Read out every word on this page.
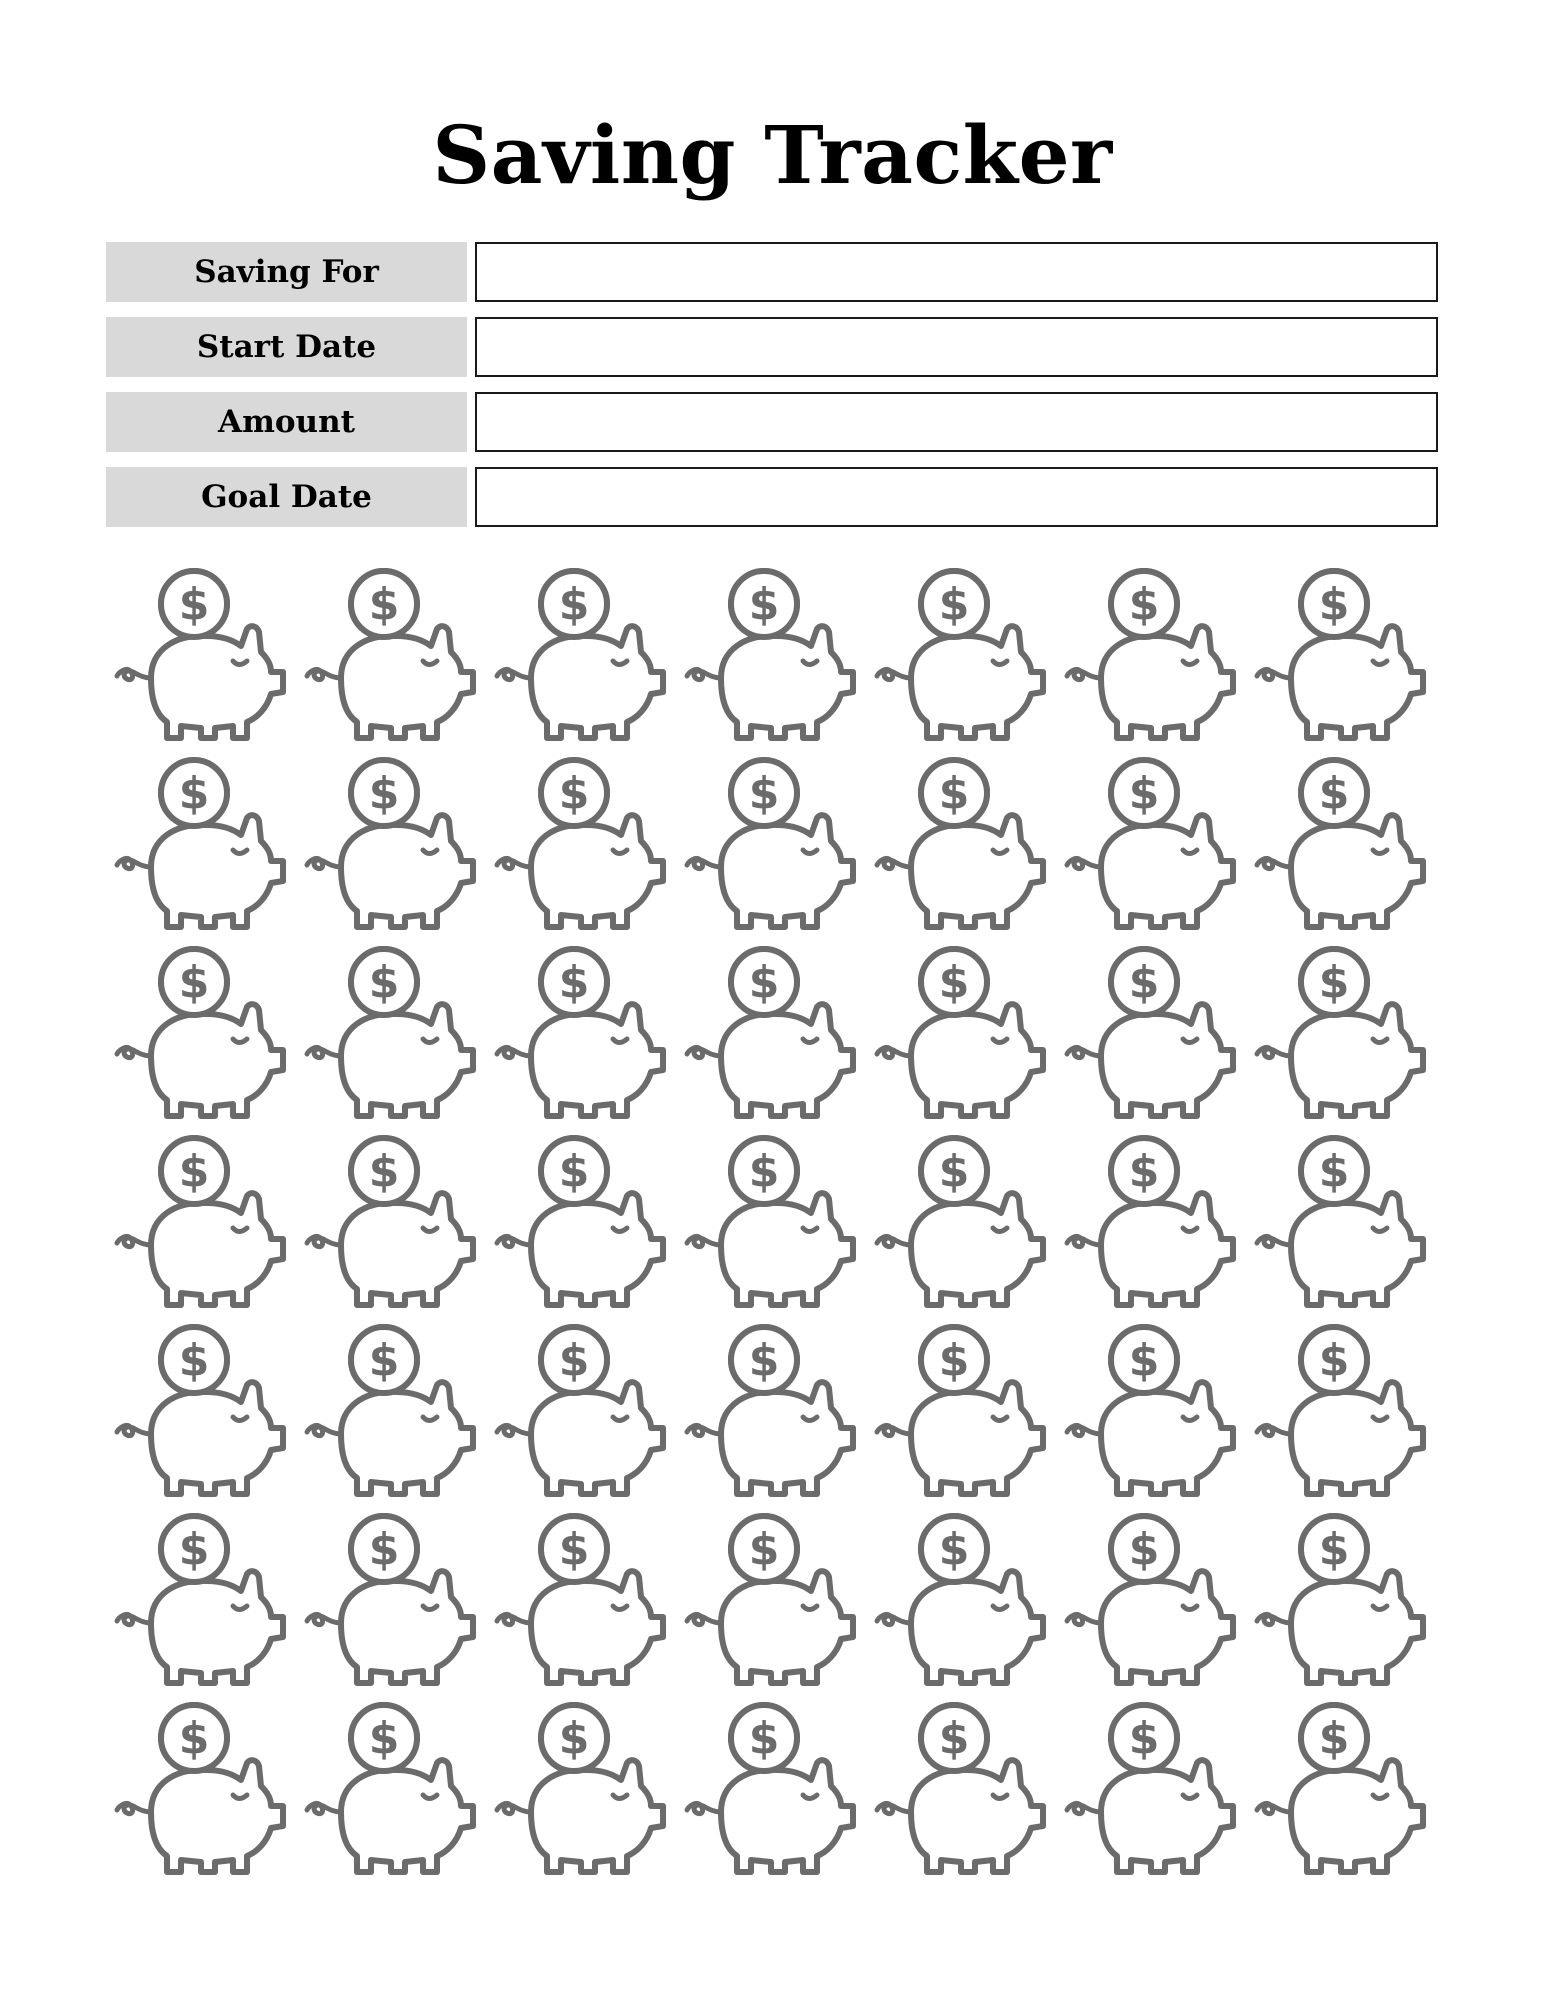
Saving Tracker
Saving For
Start Date
Amount
Goal Date
$	$	$	$	$	$	$
$	$	$	$	$	$	$
$	$	$	$	$	$	$
$	$	$	$	$	$	$
$	$	$	$	$	$	$
$	$	$	$	$	$	$
$	$	$	$	$	$	$
